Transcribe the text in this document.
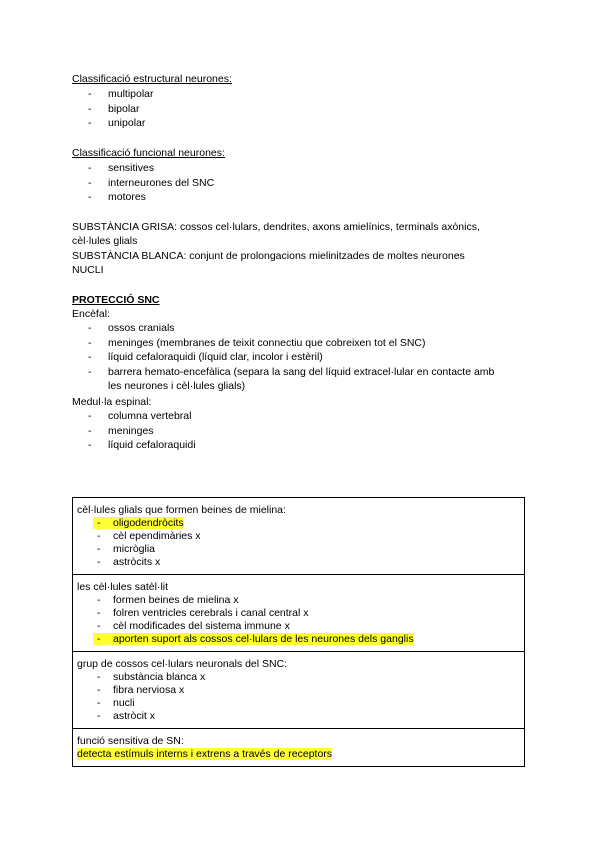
Classificació estructural neurones:
- multipolar
- bipolar
- unipolar
Classificació funcional neurones:
- sensitives
- interneurones del SNC
- motores
SUBSTÀNCIA GRISA: cossos cel·lulars, dendrites, axons amielínics, terminals axònics,
cèl·lules glials
SUBSTÀNCIA BLANCA: conjunt de prolongacions mielinitzades de moltes neurones
NUCLI
PROTECCIÓ SNC
Encèfal:
- ossos cranials
- meninges (membranes de teixit connectiu que cobreixen tot el SNC)
- líquid cefaloraquidi (líquid clar, incolor i estèril)
- barrera hemato-encefàlica (separa la sang del líquid extracel·lular en contacte amb
les neurones i cèl·lules glials)
Medul·la espinal:
- columna vertebral
- meninges
- líquid cefaloraquidi
cèl·lules glials que formen beines de mielina:
- oligodendròcits
- cèl ependimàries x
- micròglia
- astròcits x

les cèl·lules satèl·lit
- formen beines de mielina x
- folren ventricles cerebrals i canal central x
- cèl modificades del sistema immune x
- aporten suport als cossos cel·lulars de les neurones dels ganglis

grup de cossos cel·lulars neuronals del SNC:
- substància blanca x
- fibra nerviosa x
- nucli
- astròcit x

funció sensitiva de SN:
detecta estímuls interns i extrens a través de receptors
